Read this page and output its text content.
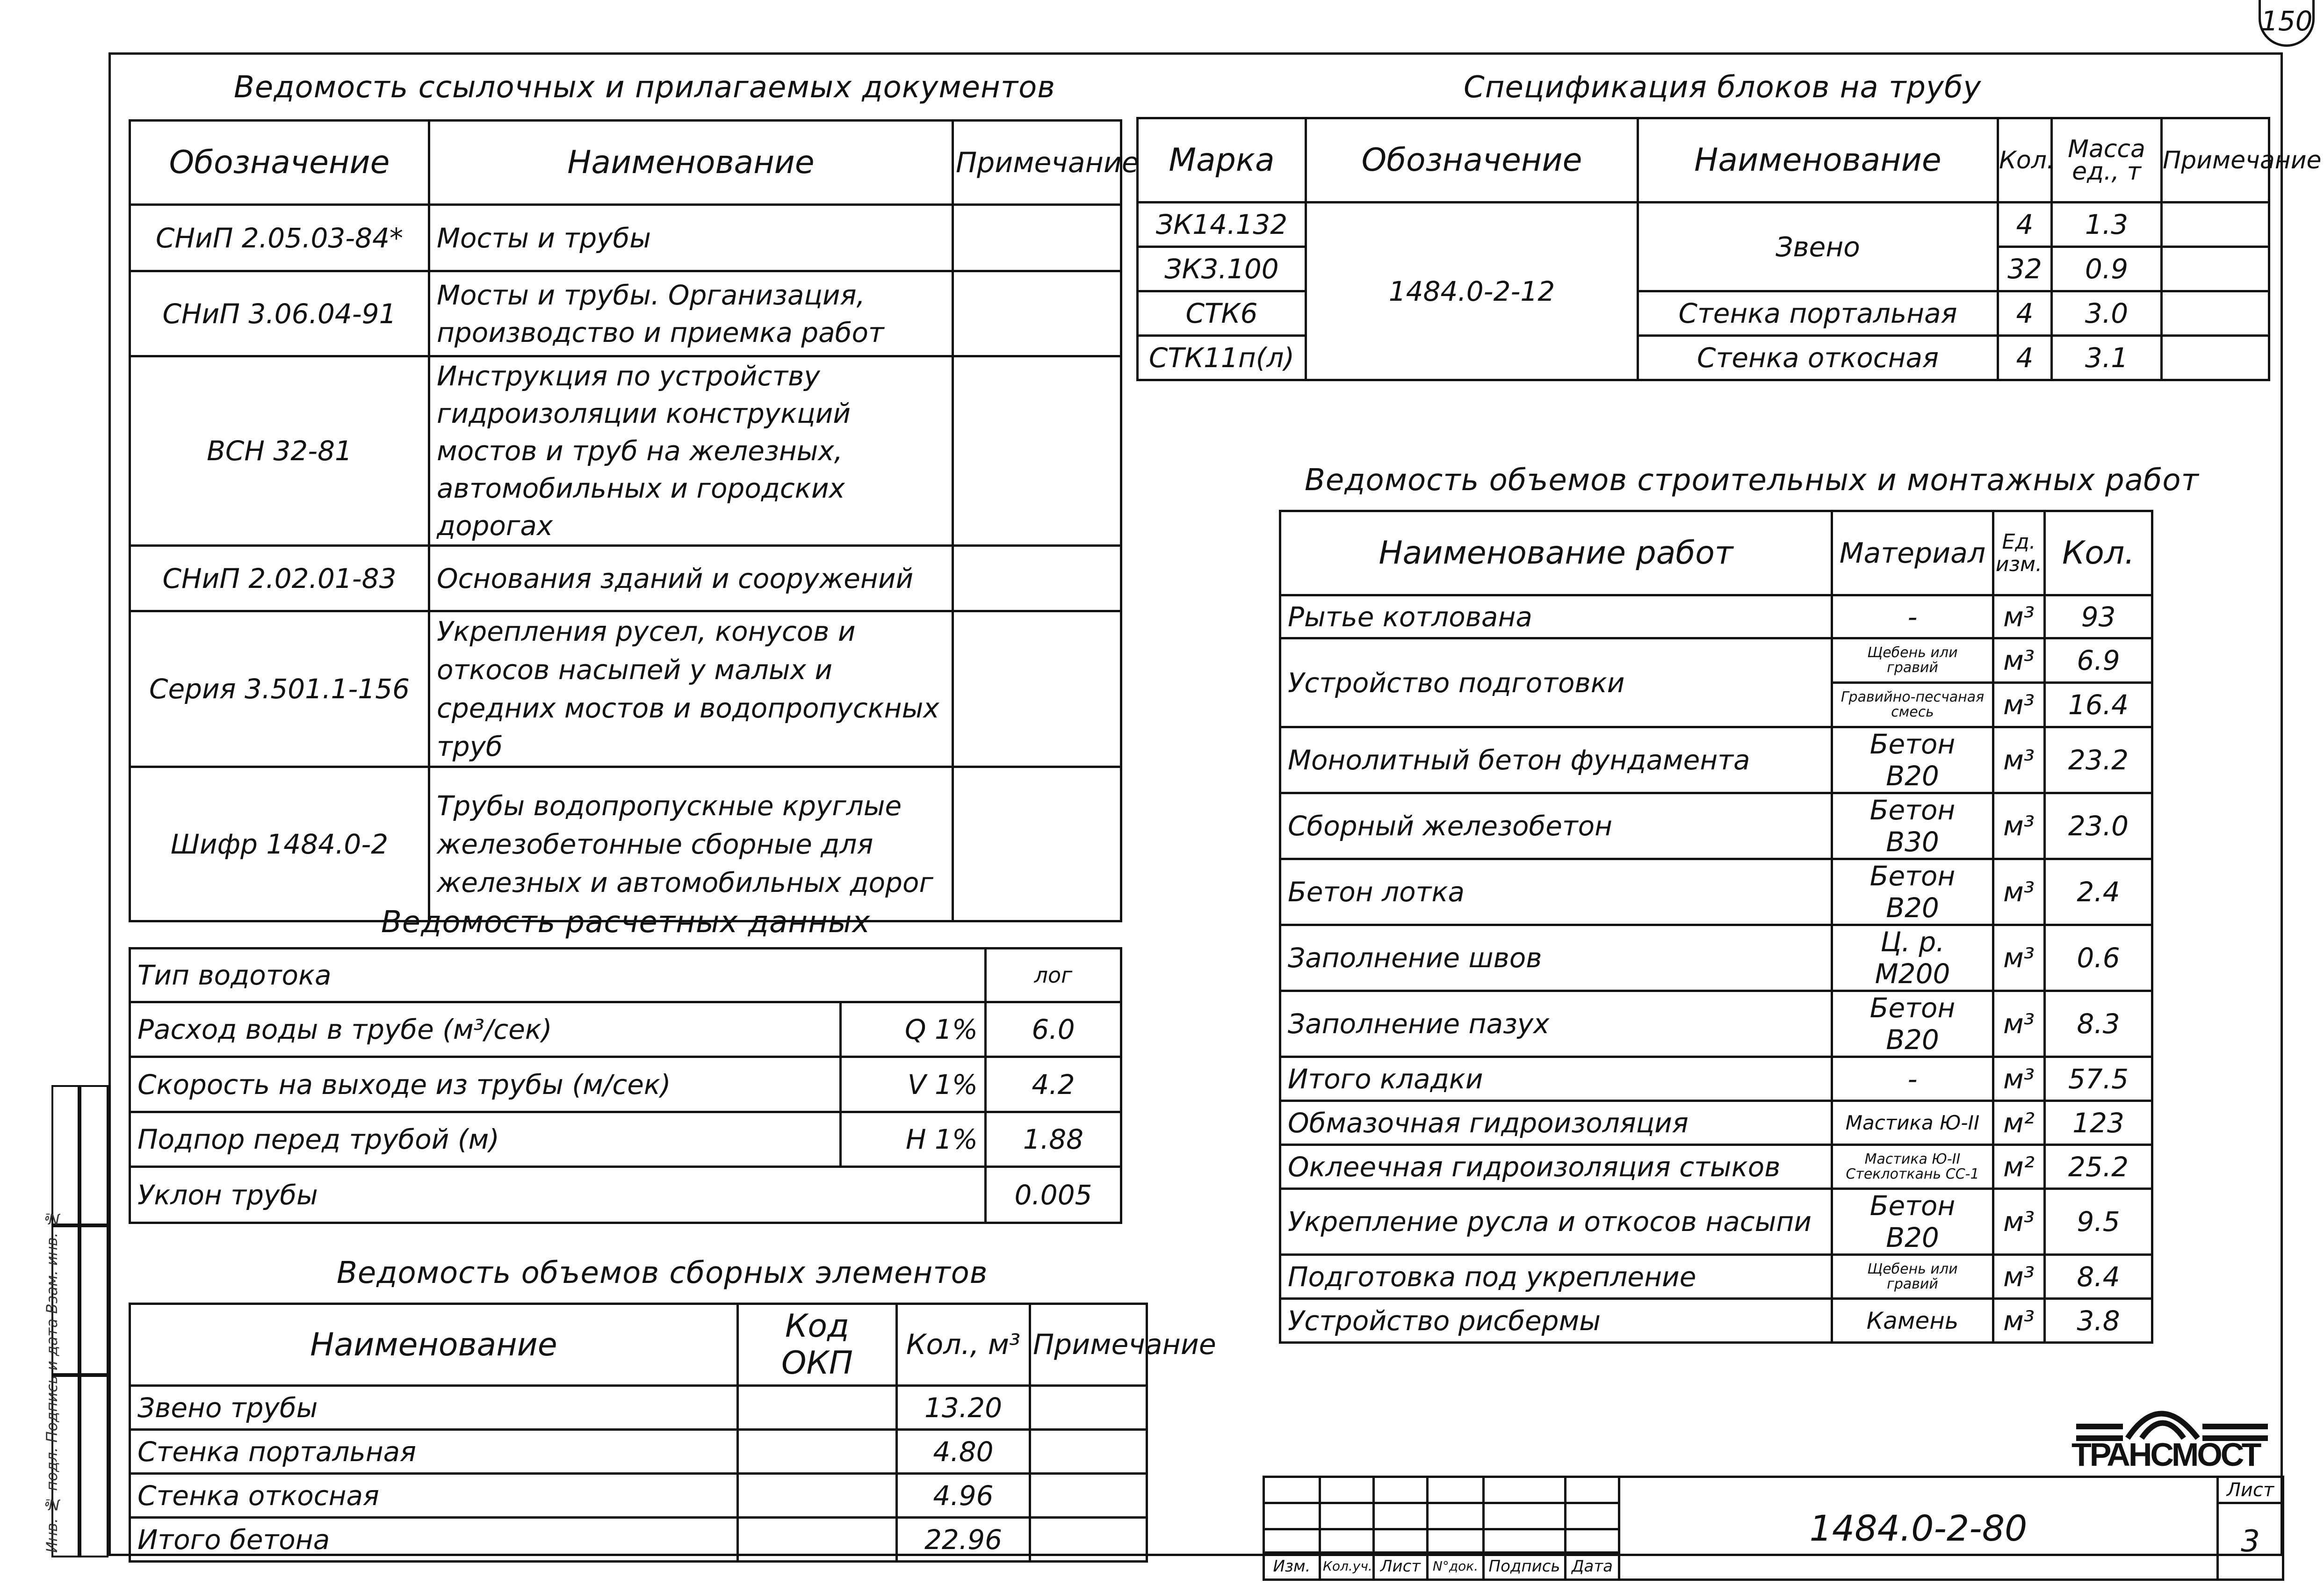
150
Инв. № подл. Подпись и дата Взам. инв. №
Ведомость ссылочных и прилагаемых документов
Обозначение	Наименование	Примечание
СНиП 2.05.03-84*	Мосты и трубы	
СНиП 3.06.04-91	Мосты и трубы. Организация, производство и приемка работ	
ВСН 32-81	Инструкция по устройству гидроизоляции конструкций мостов и труб на железных, автомобильных и городских дорогах	
СНиП 2.02.01-83	Основания зданий и сооружений	
Серия 3.501.1-156	Укрепления русел, конусов и откосов насыпей у малых и средних мостов и водопропускных труб	
Шифр 1484.0-2	Трубы водопропускные круглые железобетонные сборные для железных и автомобильных дорог	
Ведомость расчетных данных
Тип водотока		лог
Расход воды в трубе (м³/сек)	Q 1%	6.0
Скорость на выходе из трубы (м/сек)	V 1%	4.2
Подпор перед трубой (м)	H 1%	1.88
Уклон трубы		0.005
Ведомость объемов сборных элементов
Наименование	Код ОКП	Кол., м³	Примечание
Звено трубы		13.20	
Стенка портальная		4.80	
Стенка откосная		4.96	
Итого бетона		22.96	
Спецификация блоков на трубу
Марка	Обозначение	Наименование	Кол.	Масса ед., т	Примечание
ЗК14.132	1484.0-2-12	Звено	4	1.3	
ЗК3.100			32	0.9	
СТК6		Стенка портальная	4	3.0	
СТК11п(л)		Стенка откосная	4	3.1	
Ведомость объемов строительных и монтажных работ
Наименование работ	Материал	Ед. изм.	Кол.
Рытье котлована	-	м³	93
Устройство подготовки	Щебень или гравий	м³	6.9
	Гравийно-песчаная смесь	м³	16.4
Монолитный бетон фундамента	Бетон В20	м³	23.2
Сборный железобетон	Бетон В30	м³	23.0
Бетон лотка	Бетон В20	м³	2.4
Заполнение швов	Ц. р. М200	м³	0.6
Заполнение пазух	Бетон В20	м³	8.3
Итого кладки	-	м³	57.5
Обмазочная гидроизоляция	Мастика Ю-II	м²	123
Оклеечная гидроизоляция стыков	Мастика Ю-II Стеклоткань СС-1	м²	25.2
Укрепление русла и откосов насыпи	Бетон В20	м³	9.5
Подготовка под укрепление	Щебень или гравий	м³	8.4
Устройство рисбермы	Камень	м³	3.8
ТРАНСМОСТ
						1484.0-2-80	Лист
							3

Изм.	Кол.уч.	Лист	N°док.	Подпись	Дата		
